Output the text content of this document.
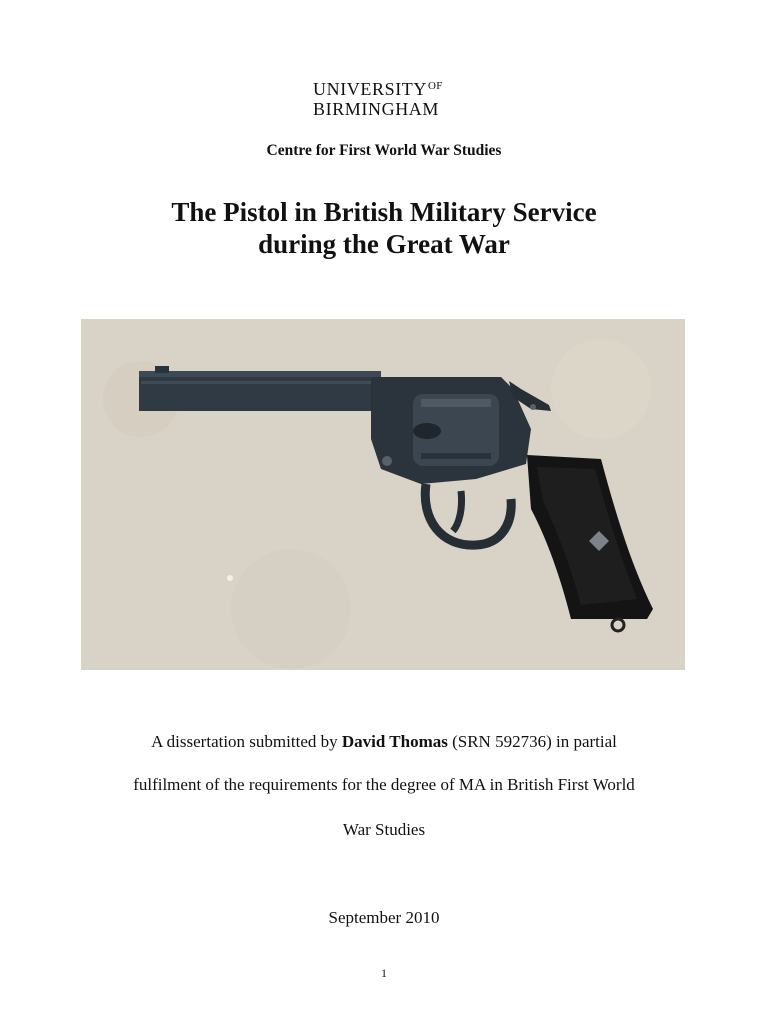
$UNIVERSITY^{OF}$
BIRMINGHAM
Centre for First World War Studies
The Pistol in British Military Service
during the Great War
A dissertation submitted by David Thomas (SRN 592736) in partial
fulfilment of the requirements for the degree of MA in British First World
War Studies
September 2010
1
